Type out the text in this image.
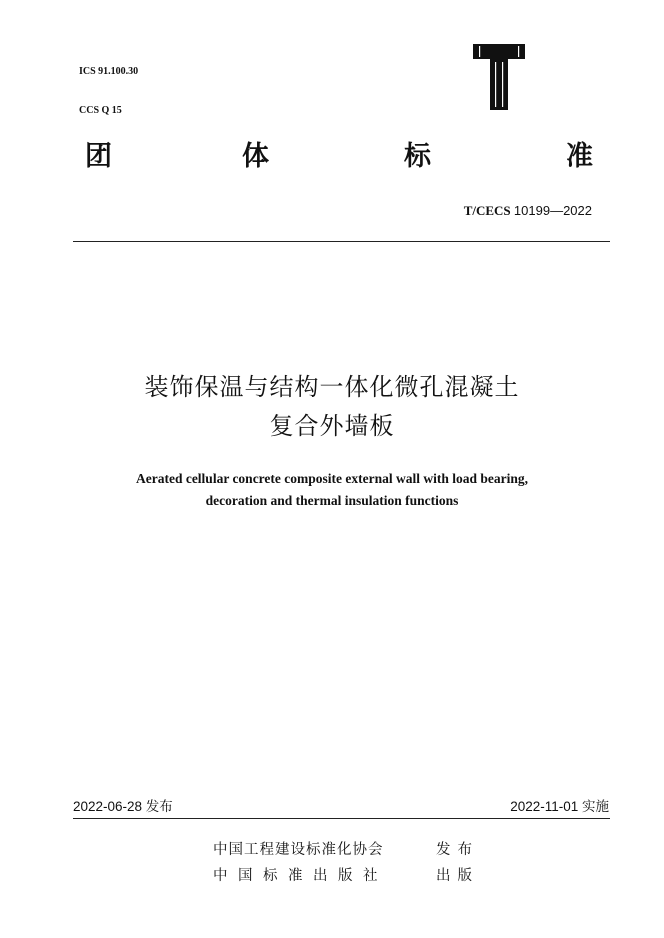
ICS 91.100.30

CCS Q 15

团	体	标	准
T/CECS 10199—2022
装饰保温与结构一体化微孔混凝土
复合外墙板
Aerated cellular concrete composite external wall with load bearing,
decoration and thermal insulation functions
2022-06-28 发布	2022-11-01 实施
中国工程建设标准化协会	发布
中国标准出版社	出版
